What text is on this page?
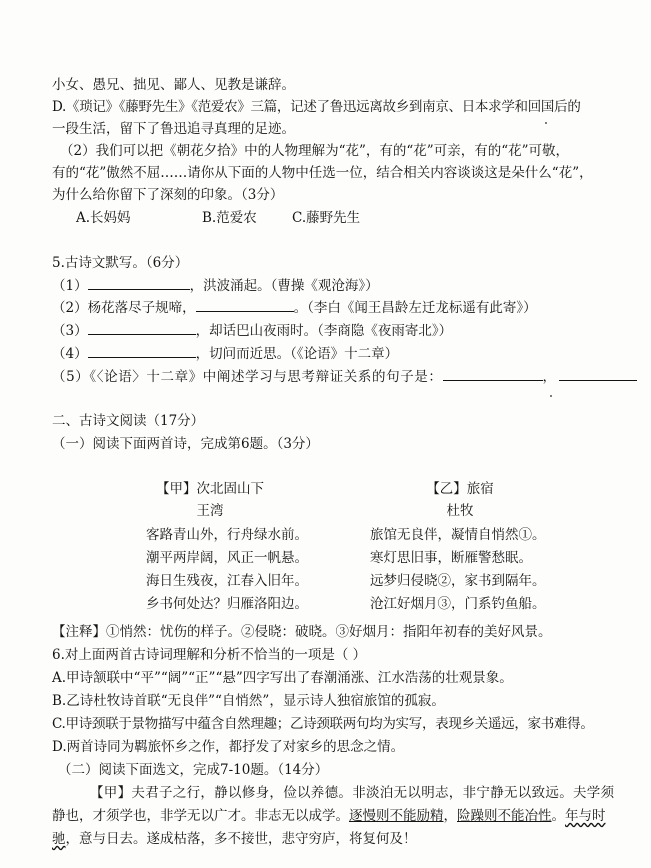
小女、愚兄、拙见、鄙人、见教是谦辞。
D.《琐记》《藤野先生》《范爱农》三篇，记述了鲁迅远离故乡到南京、日本求学和回国后的
一段生活，留下了鲁迅追寻真理的足迹。
（2）我们可以把《朝花夕拾》中的人物理解为“花”，有的“花”可亲，有的“花”可敬，
有的“花”傲然不屈……请你从下面的人物中任选一位，结合相关内容谈谈这是朵什么“花”，
为什么给你留下了深刻的印象。（3分）
A.长妈妈	B.范爱农	C.藤野先生
5.古诗文默写。（6分）
（1）	，洪波涌起。（曹操《观沧海》）
（2）杨花落尽子规啼，	。（李白《闻王昌龄左迁龙标遥有此寄》）
（3）	，却话巴山夜雨时。（李商隐《夜雨寄北》）
（4）	，切问而近思。（《论语》十二章）
（5）《〈论语〉十二章》中阐述学习与思考辩证关系的句子是：	，
二、古诗文阅读（17分）
（一）阅读下面两首诗，完成第6题。（3分）
【甲】次北固山下
王湾
客路青山外，行舟绿水前。
潮平两岸阔，风正一帆悬。
海日生残夜，江春入旧年。
乡书何处达？归雁洛阳边。
【乙】旅宿
杜牧
旅馆无良伴，凝情自悄然①。
寒灯思旧事，断雁警愁眠。
远梦归侵晓②，家书到隔年。
沧江好烟月③，门系钓鱼船。
【注释】①悄然：忧伤的样子。②侵晓：破晓。③好烟月：指阳年初春的美好风景。
6.对上面两首古诗词理解和分析不恰当的一项是（ ）
A.甲诗颔联中“平”“阔”“正”“悬”四字写出了春潮涌涨、江水浩荡的壮观景象。
B.乙诗杜牧诗首联“无良伴”“自悄然”，显示诗人独宿旅馆的孤寂。
C.甲诗颈联于景物描写中蕴含自然理趣；乙诗颈联两句均为实写，表现乡关遥远，家书难得。
D.两首诗同为羁旅怀乡之作，都抒发了对家乡的思念之情。
（二）阅读下面选文，完成7-10题。（14分）
【甲】夫君子之行，静以修身，俭以养德。非淡泊无以明志，非宁静无以致远。夫学须
静也，才须学也，非学无以广才。非志无以成学。逐慢则不能励精，险躁则不能冶性。年与时
驰，意与日去。遂成枯落，多不接世，悲守穷庐，将复何及！
